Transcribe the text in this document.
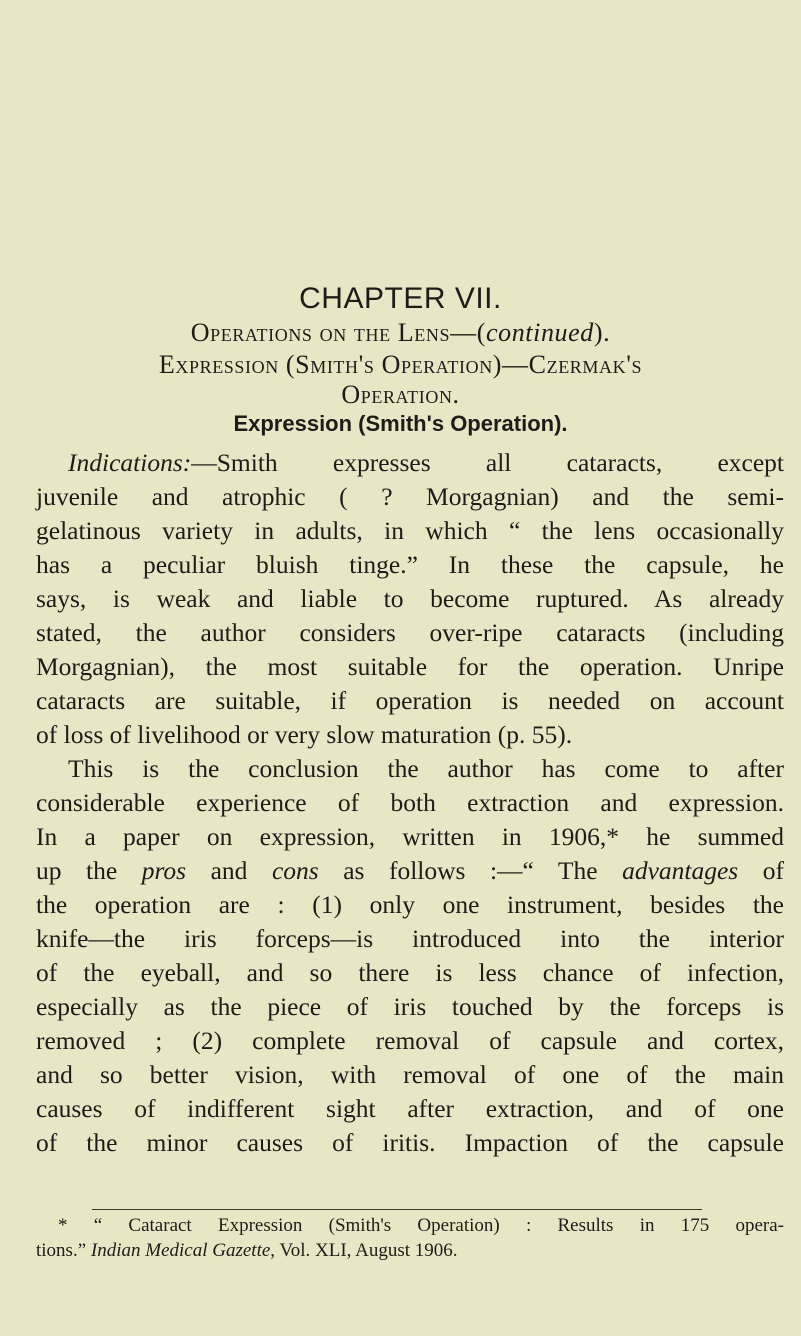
CHAPTER VII.
Operations on the Lens—(continued).
Expression (Smith's Operation)—Czermak's
Expression (Smith's Operation).
Indications:—Smith expresses all cataracts, except
juvenile and atrophic ( ? Morgagnian) and the semi-
gelatinous variety in adults, in which “ the lens occasionally
has a peculiar bluish tinge.” In these the capsule, he
says, is weak and liable to become ruptured. As already
stated, the author considers over-ripe cataracts (including
Morgagnian), the most suitable for the operation. Unripe
cataracts are suitable, if operation is needed on account
of loss of livelihood or very slow maturation (p. 55).
This is the conclusion the author has come to after
considerable experience of both extraction and expression.
In a paper on expression, written in 1906,* he summed
up the pros and cons as follows :—“ The advantages of
the operation are : (1) only one instrument, besides the
knife—the iris forceps—is introduced into the interior
of the eyeball, and so there is less chance of infection,
especially as the piece of iris touched by the forceps is
removed ; (2) complete removal of capsule and cortex,
and so better vision, with removal of one of the main
causes of indifferent sight after extraction, and of one
of the minor causes of iritis. Impaction of the capsule
* “ Cataract Expression (Smith's Operation) : Results in 175 opera-
tions.” Indian Medical Gazette, Vol. XLI, August 1906.
Operation.
